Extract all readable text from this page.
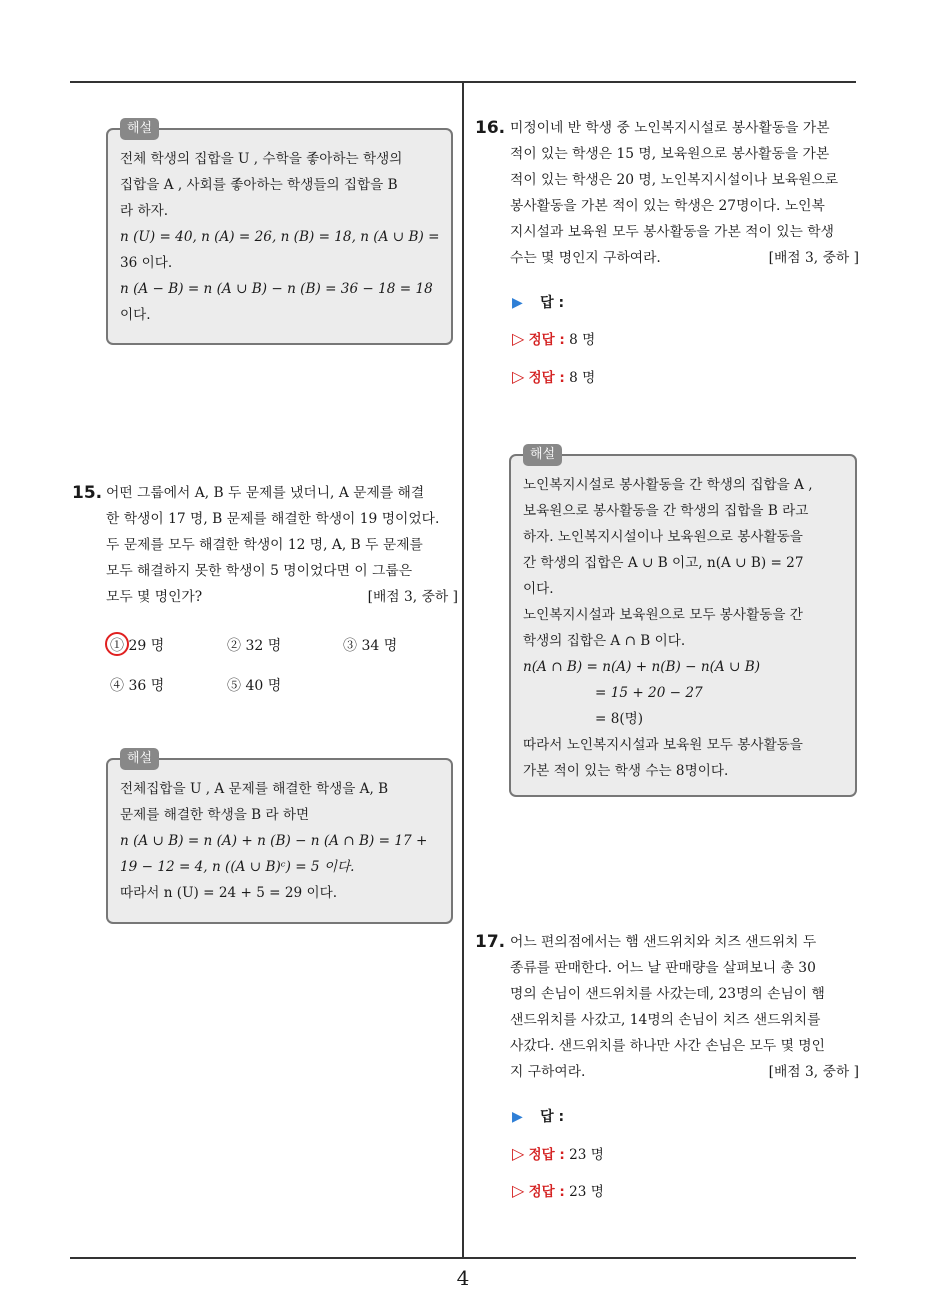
해설
전체 학생의 집합을 U , 수학을 좋아하는 학생의
집합을 A , 사회를 좋아하는 학생들의 집합을 B
라 하자.
n (U) = 40, n (A) = 26, n (B) = 18, n (A ∪ B) =
36 이다.
n (A − B) = n (A ∪ B) − n (B) = 36 − 18 = 18
이다.
15. 어떤 그룹에서 A, B 두 문제를 냈더니, A 문제를 해결
한 학생이 17 명, B 문제를 해결한 학생이 19 명이었다.
두 문제를 모두 해결한 학생이 12 명, A, B 두 문제를
모두 해결하지 못한 학생이 5 명이었다면 이 그룹은
모두 몇 명인가?	[배점 3, 중하 ]
① 29 명	② 32 명	③ 34 명
④ 36 명	⑤ 40 명
해설
전체집합을 U , A 문제를 해결한 학생을 A, B
문제를 해결한 학생을 B 라 하면
n (A ∪ B) = n (A) + n (B) − n (A ∩ B) = 17 +
19 − 12 = 4, n ((A ∪ B)ᶜ) = 5 이다.
따라서 n (U) = 24 + 5 = 29 이다.
16. 미정이네 반 학생 중 노인복지시설로 봉사활동을 가본
적이 있는 학생은 15 명, 보육원으로 봉사활동을 가본
적이 있는 학생은 20 명, 노인복지시설이나 보육원으로
봉사활동을 가본 적이 있는 학생은 27명이다. 노인복
지시설과 보육원 모두 봉사활동을 가본 적이 있는 학생
수는 몇 명인지 구하여라.	[배점 3, 중하 ]
▶ 답 :
▷ 정답 : 8 명
▷ 정답 : 8 명
해설
노인복지시설로 봉사활동을 간 학생의 집합을 A ,
보육원으로 봉사활동을 간 학생의 집합을 B 라고
하자. 노인복지시설이나 보육원으로 봉사활동을
간 학생의 집합은 A ∪ B 이고, n(A ∪ B) = 27
이다.
노인복지시설과 보육원으로 모두 봉사활동을 간
학생의 집합은 A ∩ B 이다.
n(A ∩ B) = n(A) + n(B) − n(A ∪ B)
= 15 + 20 − 27
= 8(명)
따라서 노인복지시설과 보육원 모두 봉사활동을
가본 적이 있는 학생 수는 8명이다.
17. 어느 편의점에서는 햄 샌드위치와 치즈 샌드위치 두
종류를 판매한다. 어느 날 판매량을 살펴보니 총 30
명의 손님이 샌드위치를 사갔는데, 23명의 손님이 햄
샌드위치를 사갔고, 14명의 손님이 치즈 샌드위치를
사갔다. 샌드위치를 하나만 사간 손님은 모두 몇 명인
지 구하여라.	[배점 3, 중하 ]
▶ 답 :
▷ 정답 : 23 명
▷ 정답 : 23 명
4
